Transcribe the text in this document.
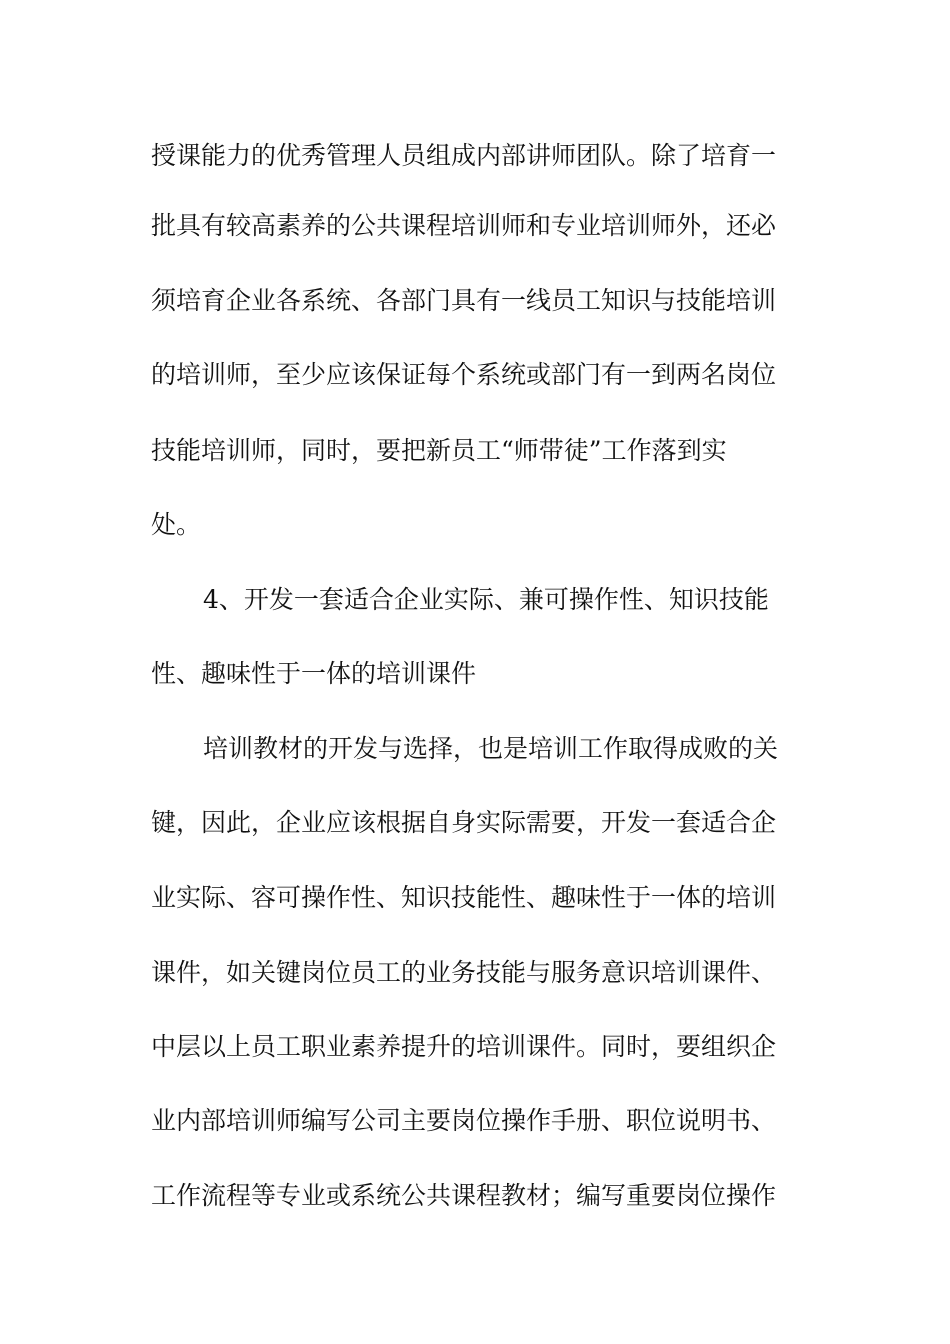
授课能力的优秀管理人员组成内部讲师团队。除了培育一
批具有较高素养的公共课程培训师和专业培训师外，还必
须培育企业各系统、各部门具有一线员工知识与技能培训
的培训师，至少应该保证每个系统或部门有一到两名岗位
技能培训师，同时，要把新员工“师带徒”工作落到实
处。
4、开发一套适合企业实际、兼可操作性、知识技能
性、趣味性于一体的培训课件
培训教材的开发与选择，也是培训工作取得成败的关
键，因此，企业应该根据自身实际需要，开发一套适合企
业实际、容可操作性、知识技能性、趣味性于一体的培训
课件，如关键岗位员工的业务技能与服务意识培训课件、
中层以上员工职业素养提升的培训课件。同时，要组织企
业内部培训师编写公司主要岗位操作手册、职位说明书、
工作流程等专业或系统公共课程教材；编写重要岗位操作
